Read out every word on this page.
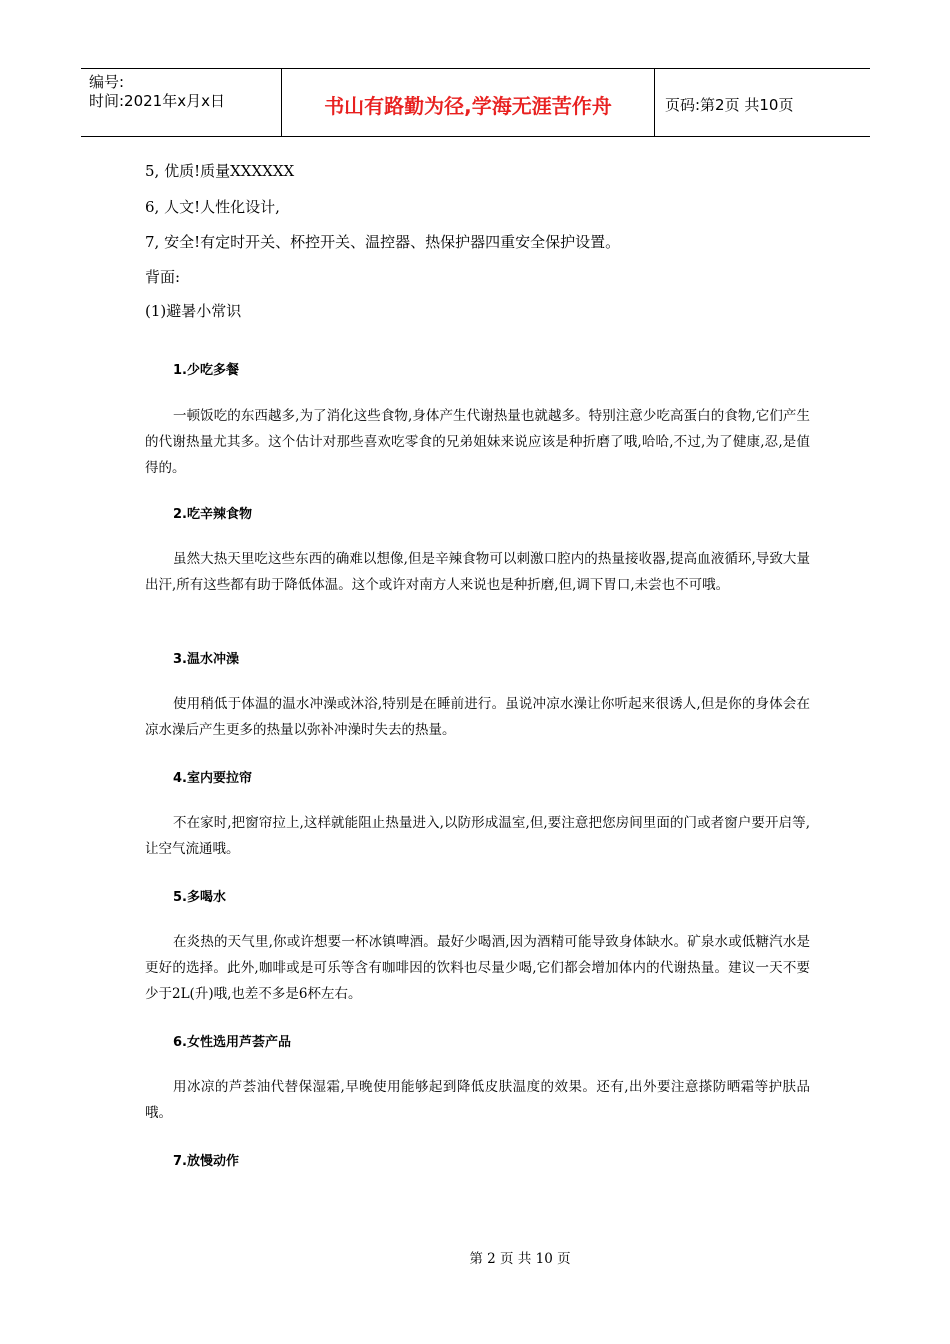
编号:
时间:2021年x月x日	书山有路勤为径,学海无涯苦作舟	页码:第2页 共10页
5, 优质!质量XXXXXX
6, 人文!人性化设计,
7, 安全!有定时开关、杯控开关、温控器、热保护器四重安全保护设置。
背面:
(1)避暑小常识
1.少吃多餐
一顿饭吃的东西越多,为了消化这些食物,身体产生代谢热量也就越多。特别注意少吃高蛋白的食物,它们产生的代谢热量尤其多。这个估计对那些喜欢吃零食的兄弟姐妹来说应该是种折磨了哦,哈哈,不过,为了健康,忍,是值得的。
2.吃辛辣食物
虽然大热天里吃这些东西的确难以想像,但是辛辣食物可以刺激口腔内的热量接收器,提高血液循环,导致大量出汗,所有这些都有助于降低体温。这个或许对南方人来说也是种折磨,但,调下胃口,未尝也不可哦。
3.温水冲澡
使用稍低于体温的温水冲澡或沐浴,特别是在睡前进行。虽说冲凉水澡让你听起来很诱人,但是你的身体会在凉水澡后产生更多的热量以弥补冲澡时失去的热量。
4.室内要拉帘
不在家时,把窗帘拉上,这样就能阻止热量进入,以防形成温室,但,要注意把您房间里面的门或者窗户要开启等,让空气流通哦。
5.多喝水
在炎热的天气里,你或许想要一杯冰镇啤酒。最好少喝酒,因为酒精可能导致身体缺水。矿泉水或低糖汽水是更好的选择。此外,咖啡或是可乐等含有咖啡因的饮料也尽量少喝,它们都会增加体内的代谢热量。建议一天不要少于2L(升)哦,也差不多是6杯左右。
6.女性选用芦荟产品
用冰凉的芦荟油代替保湿霜,早晚使用能够起到降低皮肤温度的效果。还有,出外要注意搽防晒霜等护肤品哦。
7.放慢动作
第 2 页 共 10 页
